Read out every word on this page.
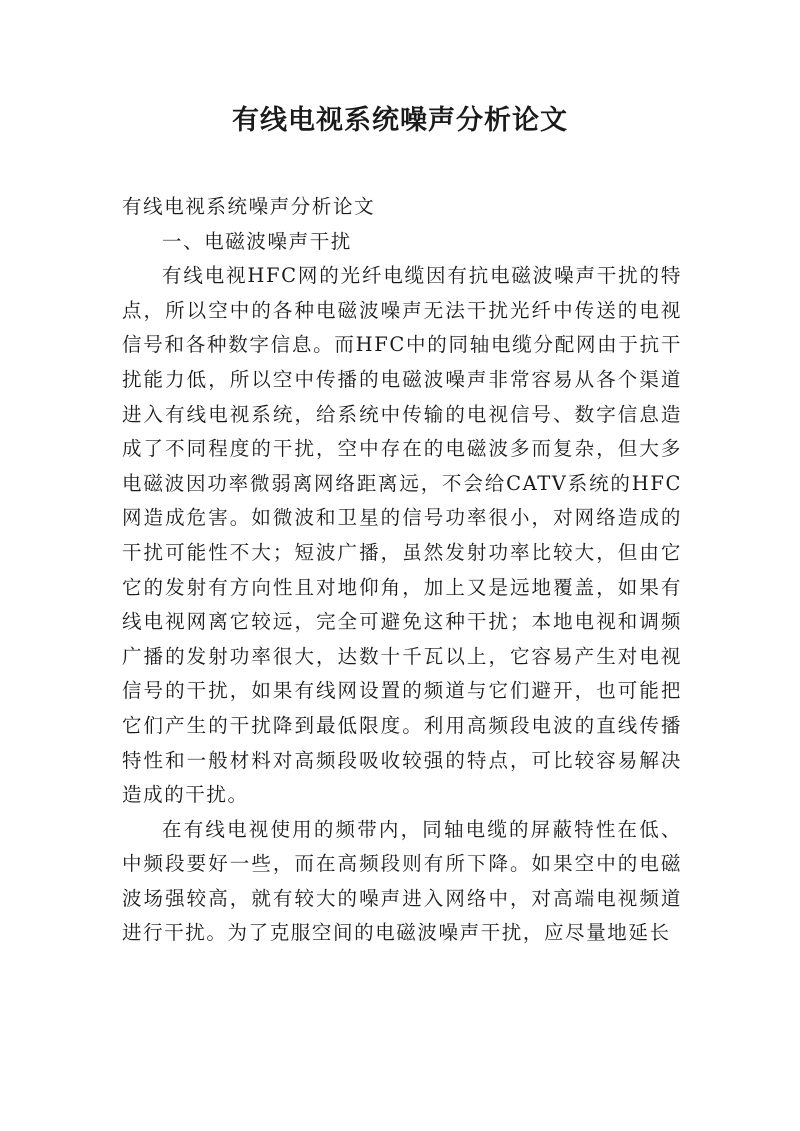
有线电视系统噪声分析论文

有线电视系统噪声分析论文

一、电磁波噪声干扰

有线电视HFC网的光纤电缆因有抗电磁波噪声干扰的特点，所以空中的各种电磁波噪声无法干扰光纤中传送的电视信号和各种数字信息。而HFC中的同轴电缆分配网由于抗干扰能力低，所以空中传播的电磁波噪声非常容易从各个渠道进入有线电视系统，给系统中传输的电视信号、数字信息造成了不同程度的干扰，空中存在的电磁波多而复杂，但大多电磁波因功率微弱离网络距离远，不会给CATV系统的HFC网造成危害。如微波和卫星的信号功率很小，对网络造成的干扰可能性不大；短波广播，虽然发射功率比较大，但由它它的发射有方向性且对地仰角，加上又是远地覆盖，如果有线电视网离它较远，完全可避免这种干扰；本地电视和调频广播的发射功率很大，达数十千瓦以上，它容易产生对电视信号的干扰，如果有线网设置的频道与它们避开，也可能把它们产生的干扰降到最低限度。利用高频段电波的直线传播特性和一般材料对高频段吸收较强的特点，可比较容易解决造成的干扰。

在有线电视使用的频带内，同轴电缆的屏蔽特性在低、中频段要好一些，而在高频段则有所下降。如果空中的电磁波场强较高，就有较大的噪声进入网络中，对高端电视频道进行干扰。为了克服空间的电磁波噪声干扰，应尽量地延长
